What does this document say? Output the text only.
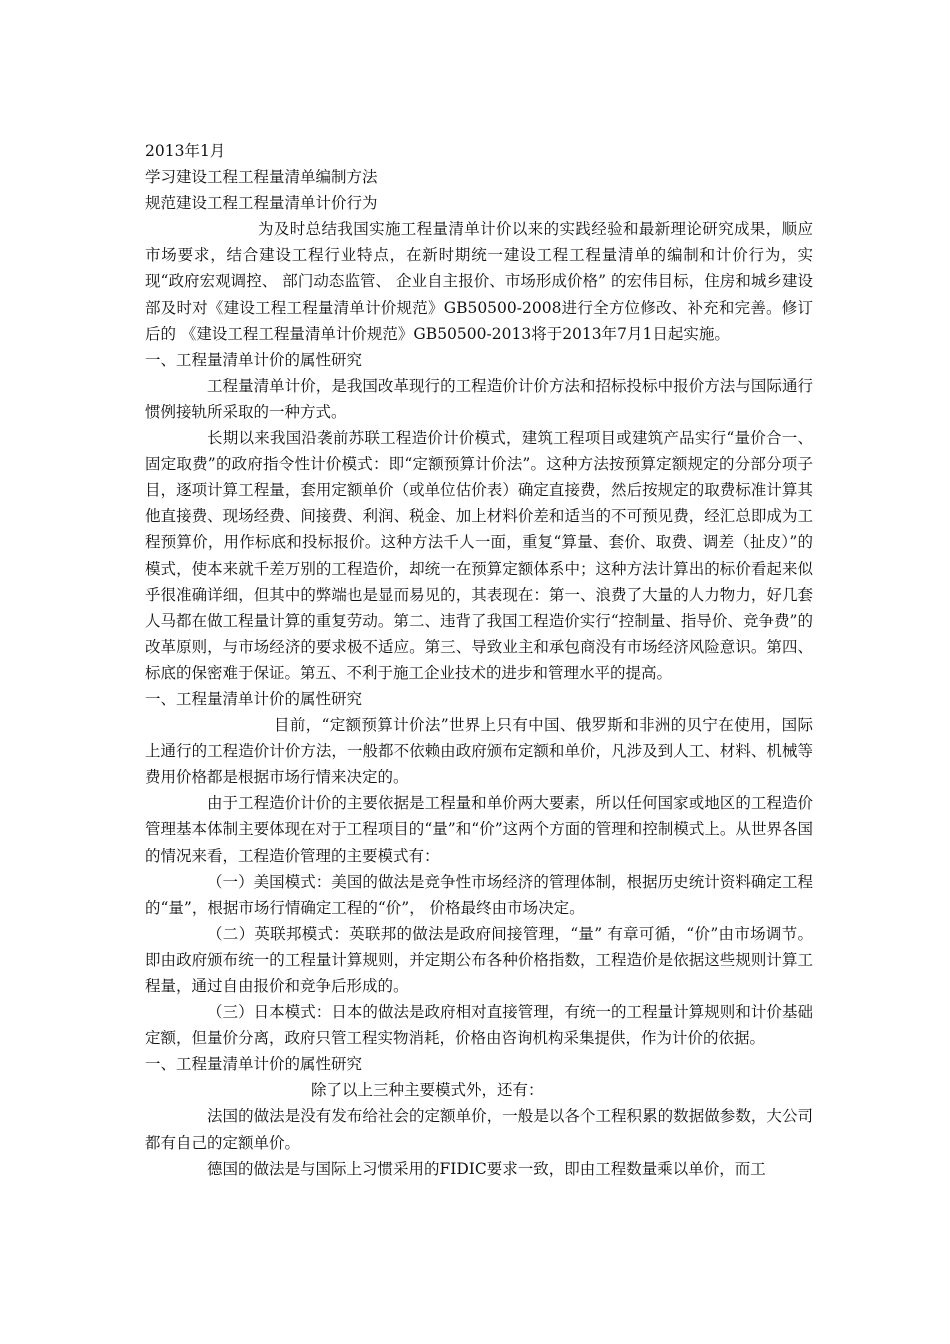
2013年1月

学习建设工程工程量清单编制方法

规范建设工程工程量清单计价行为

为及时总结我国实施工程量清单计价以来的实践经验和最新理论研究成果，顺应市场要求，结合建设工程行业特点，在新时期统一建设工程工程量清单的编制和计价行为，实现“政府宏观调控、 部门动态监管、 企业自主报价、市场形成价格” 的宏伟目标，住房和城乡建设部及时对《建设工程工程量清单计价规范》GB50500-2008进行全方位修改、补充和完善。修订后的 《建设工程工程量清单计价规范》GB50500-2013将于2013年7月1日起实施。

一、工程量清单计价的属性研究

工程量清单计价，是我国改革现行的工程造价计价方法和招标投标中报价方法与国际通行惯例接轨所采取的一种方式。

长期以来我国沿袭前苏联工程造价计价模式，建筑工程项目或建筑产品实行“量价合一、固定取费”的政府指令性计价模式：即“定额预算计价法”。这种方法按预算定额规定的分部分项子目，逐项计算工程量，套用定额单价（或单位估价表）确定直接费，然后按规定的取费标准计算其他直接费、现场经费、间接费、利润、税金、加上材料价差和适当的不可预见费，经汇总即成为工程预算价，用作标底和投标报价。这种方法千人一面，重复“算量、套价、取费、调差（扯皮）”的模式，使本来就千差万别的工程造价，却统一在预算定额体系中；这种方法计算出的标价看起来似乎很准确详细，但其中的弊端也是显而易见的，其表现在：第一、浪费了大量的人力物力，好几套人马都在做工程量计算的重复劳动。第二、违背了我国工程造价实行“控制量、指导价、竞争费”的改革原则，与市场经济的要求极不适应。第三、导致业主和承包商没有市场经济风险意识。第四、标底的保密难于保证。第五、不利于施工企业技术的进步和管理水平的提高。

一、工程量清单计价的属性研究

目前，“定额预算计价法”世界上只有中国、俄罗斯和非洲的贝宁在使用，国际上通行的工程造价计价方法，一般都不依赖由政府颁布定额和单价，凡涉及到人工、材料、机械等费用价格都是根据市场行情来决定的。

由于工程造价计价的主要依据是工程量和单价两大要素，所以任何国家或地区的工程造价管理基本体制主要体现在对于工程项目的“量”和“价”这两个方面的管理和控制模式上。从世界各国的情况来看，工程造价管理的主要模式有：

（一）美国模式：美国的做法是竞争性市场经济的管理体制，根据历史统计资料确定工程的“量”，根据市场行情确定工程的“价”， 价格最终由市场决定。

（二）英联邦模式：英联邦的做法是政府间接管理，“量” 有章可循，“价”由市场调节。即由政府颁布统一的工程量计算规则，并定期公布各种价格指数，工程造价是依据这些规则计算工程量，通过自由报价和竞争后形成的。

（三）日本模式：日本的做法是政府相对直接管理，有统一的工程量计算规则和计价基础定额，但量价分离，政府只管工程实物消耗，价格由咨询机构采集提供，作为计价的依据。

一、工程量清单计价的属性研究

除了以上三种主要模式外，还有：

法国的做法是没有发布给社会的定额单价，一般是以各个工程积累的数据做参数，大公司都有自己的定额单价。

德国的做法是与国际上习惯采用的FIDIC要求一致，即由工程数量乘以单价，而工
